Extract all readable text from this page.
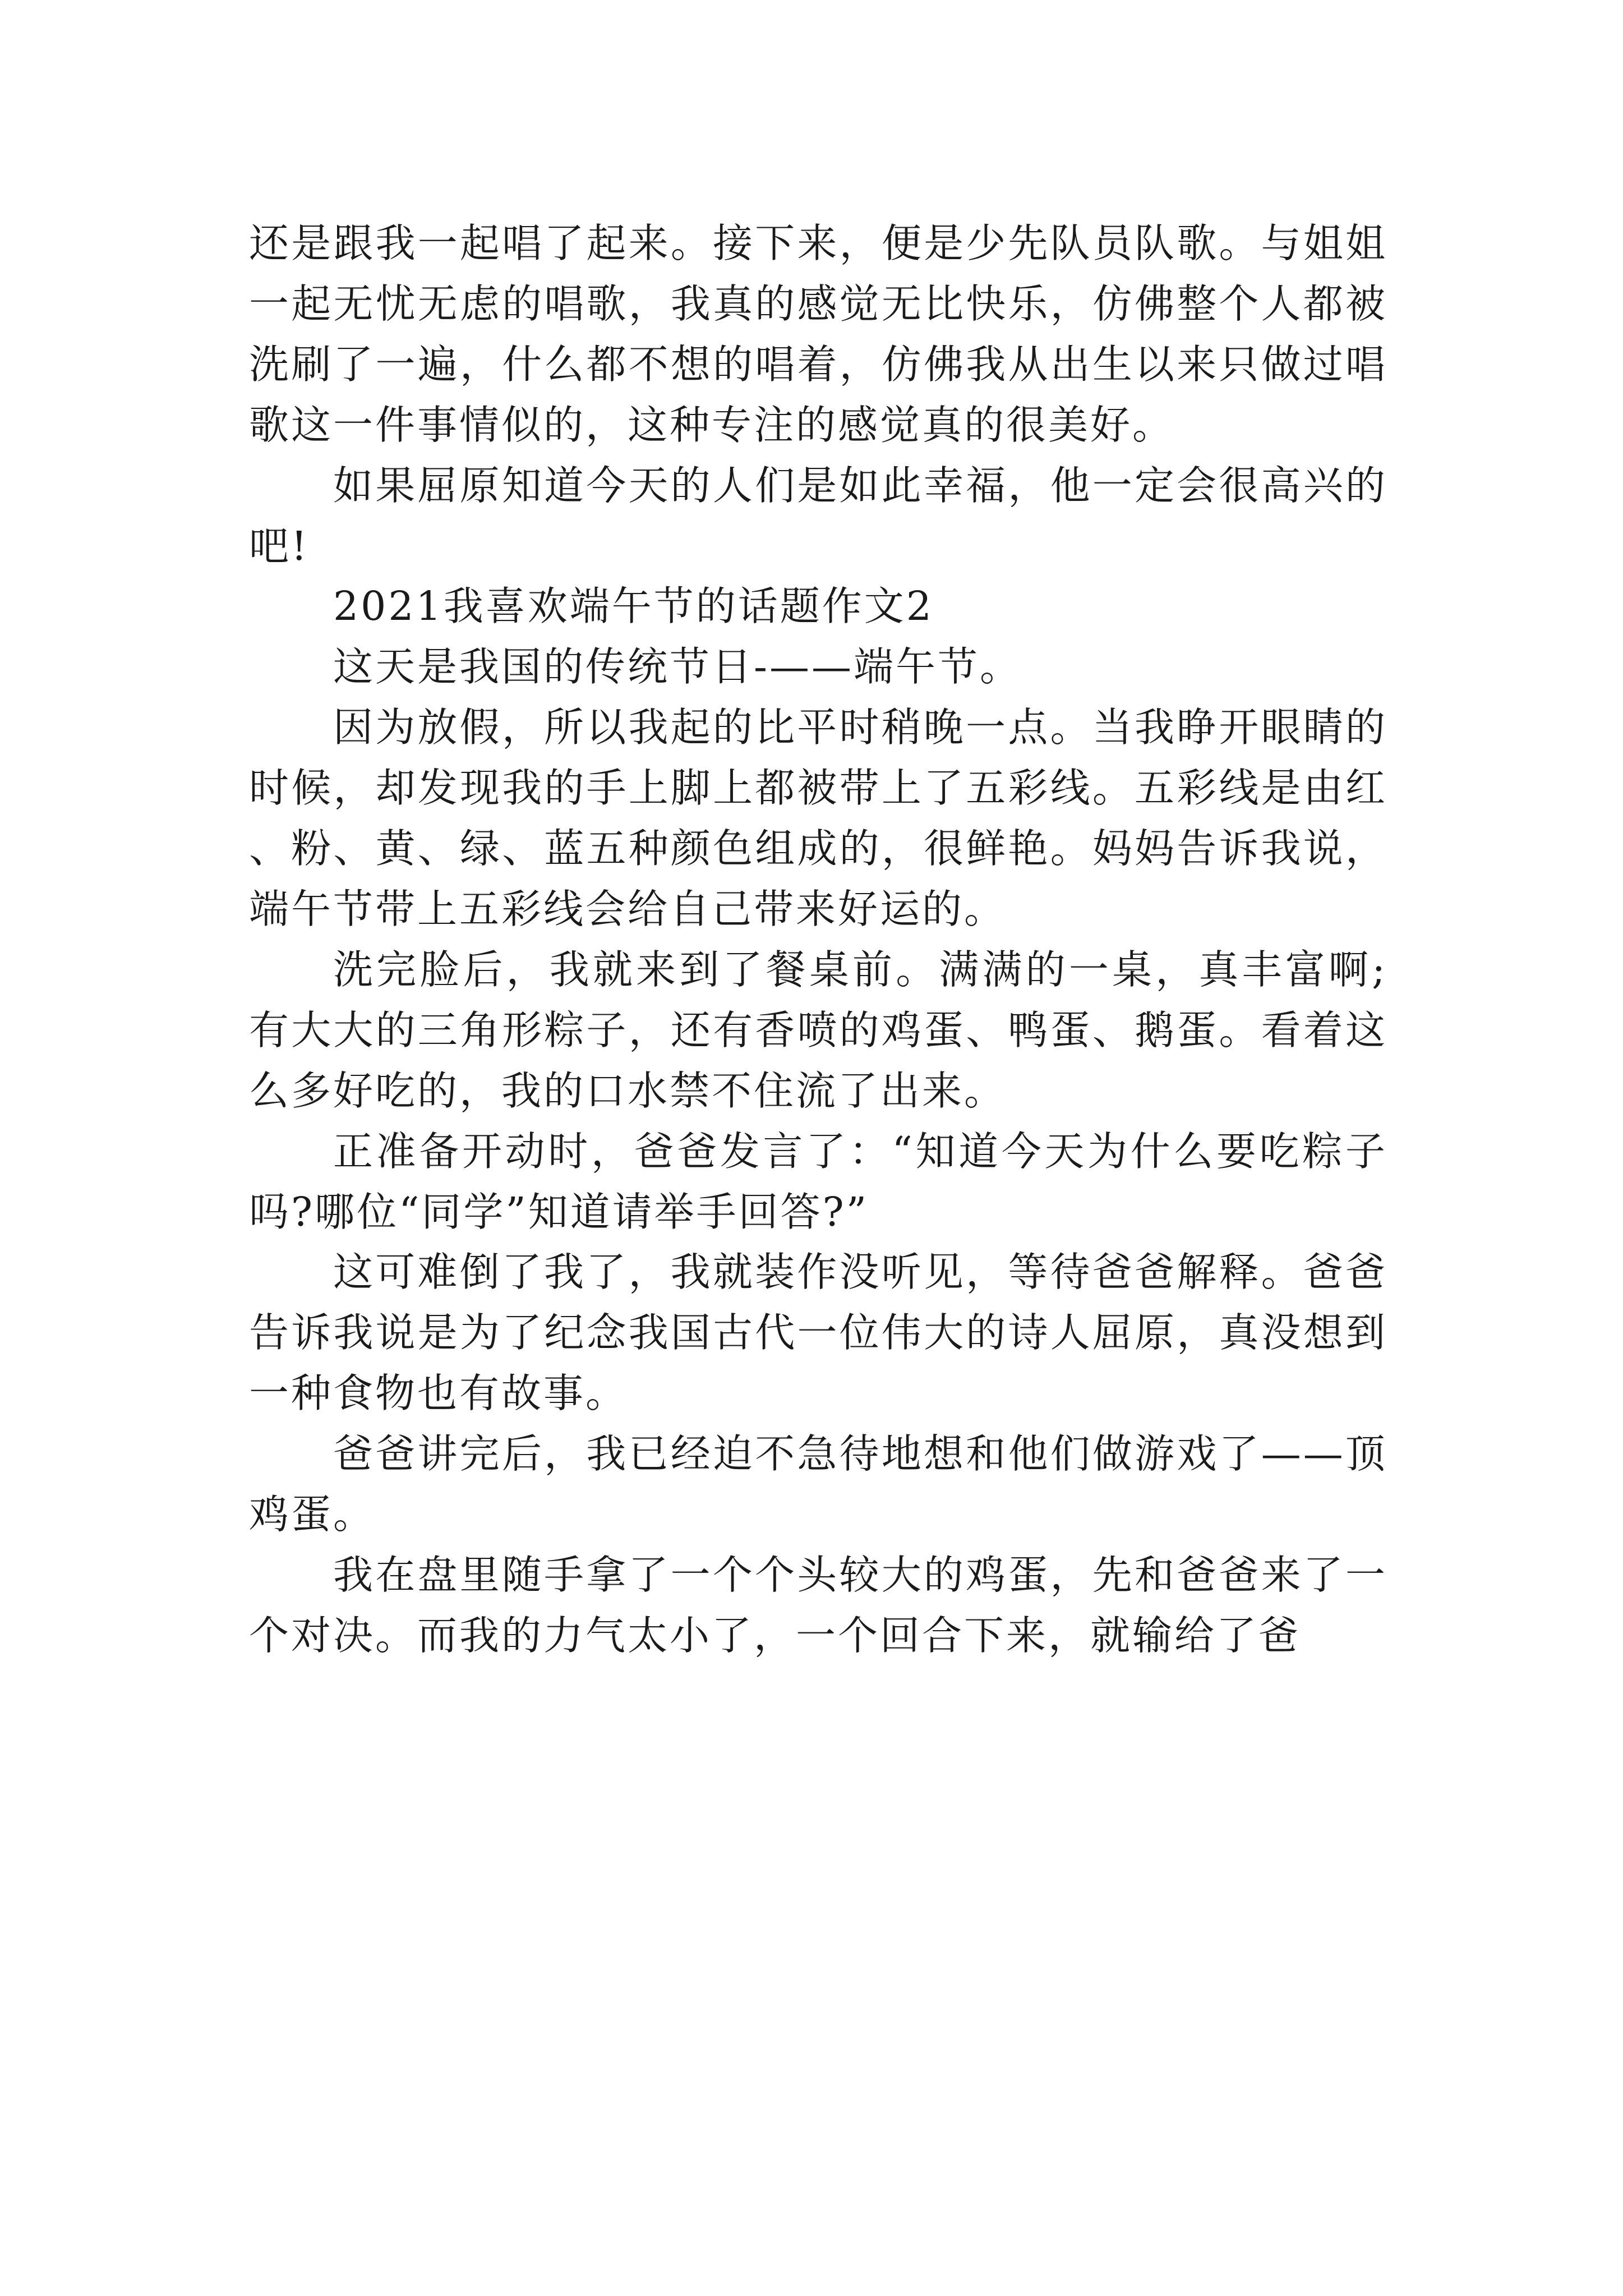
还是跟我一起唱了起来。接下来，便是少先队员队歌。与姐姐一起无忧无虑的唱歌，我真的感觉无比快乐，仿佛整个人都被洗刷了一遍，什么都不想的唱着，仿佛我从出生以来只做过唱歌这一件事情似的，这种专注的感觉真的很美好。

如果屈原知道今天的人们是如此幸福，他一定会很高兴的吧!

2021我喜欢端午节的话题作文2

这天是我国的传统节日-——端午节。

因为放假，所以我起的比平时稍晚一点。当我睁开眼睛的时候，却发现我的手上脚上都被带上了五彩线。五彩线是由红、粉、黄、绿、蓝五种颜色组成的，很鲜艳。妈妈告诉我说，端午节带上五彩线会给自己带来好运的。

洗完脸后，我就来到了餐桌前。满满的一桌，真丰富啊;有大大的三角形粽子，还有香喷的鸡蛋、鸭蛋、鹅蛋。看着这么多好吃的，我的口水禁不住流了出来。

正准备开动时，爸爸发言了：“知道今天为什么要吃粽子吗?哪位“同学”知道请举手回答?”

这可难倒了我了，我就装作没听见，等待爸爸解释。爸爸告诉我说是为了纪念我国古代一位伟大的诗人屈原，真没想到一种食物也有故事。

爸爸讲完后，我已经迫不急待地想和他们做游戏了——顶鸡蛋。

我在盘里随手拿了一个个头较大的鸡蛋，先和爸爸来了一个对决。而我的力气太小了，一个回合下来，就输给了爸
